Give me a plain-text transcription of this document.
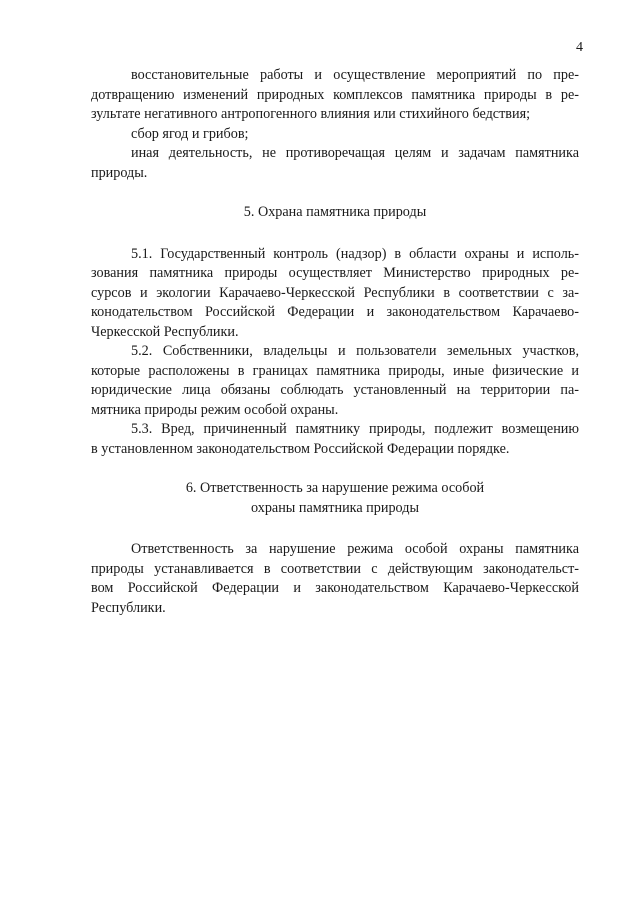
4
восстановительные работы и осуществление мероприятий по пре-
дотвращению изменений природных комплексов памятника природы в ре-
зультате негативного антропогенного влияния или стихийного бедствия;
сбор ягод и грибов;
иная деятельность, не противоречащая целям и задачам памятника
природы.
5. Охрана памятника природы
5.1. Государственный контроль (надзор) в области охраны и исполь-
зования памятника природы осуществляет Министерство природных ре-
сурсов и экологии Карачаево-Черкесской Республики в соответствии с за-
конодательством Российской Федерации и законодательством Карачаево-
Черкесской Республики.
5.2. Собственники, владельцы и пользователи земельных участков,
которые расположены в границах памятника природы, иные физические и
юридические лица обязаны соблюдать установленный на территории па-
мятника природы режим особой охраны.
5.3. Вред, причиненный памятнику природы, подлежит возмещению
в установленном законодательством Российской Федерации порядке.
6. Ответственность за нарушение режима особой
охраны памятника природы
Ответственность за нарушение режима особой охраны памятника
природы устанавливается в соответствии с действующим законодательст-
вом Российской Федерации и законодательством Карачаево-Черкесской
Республики.
